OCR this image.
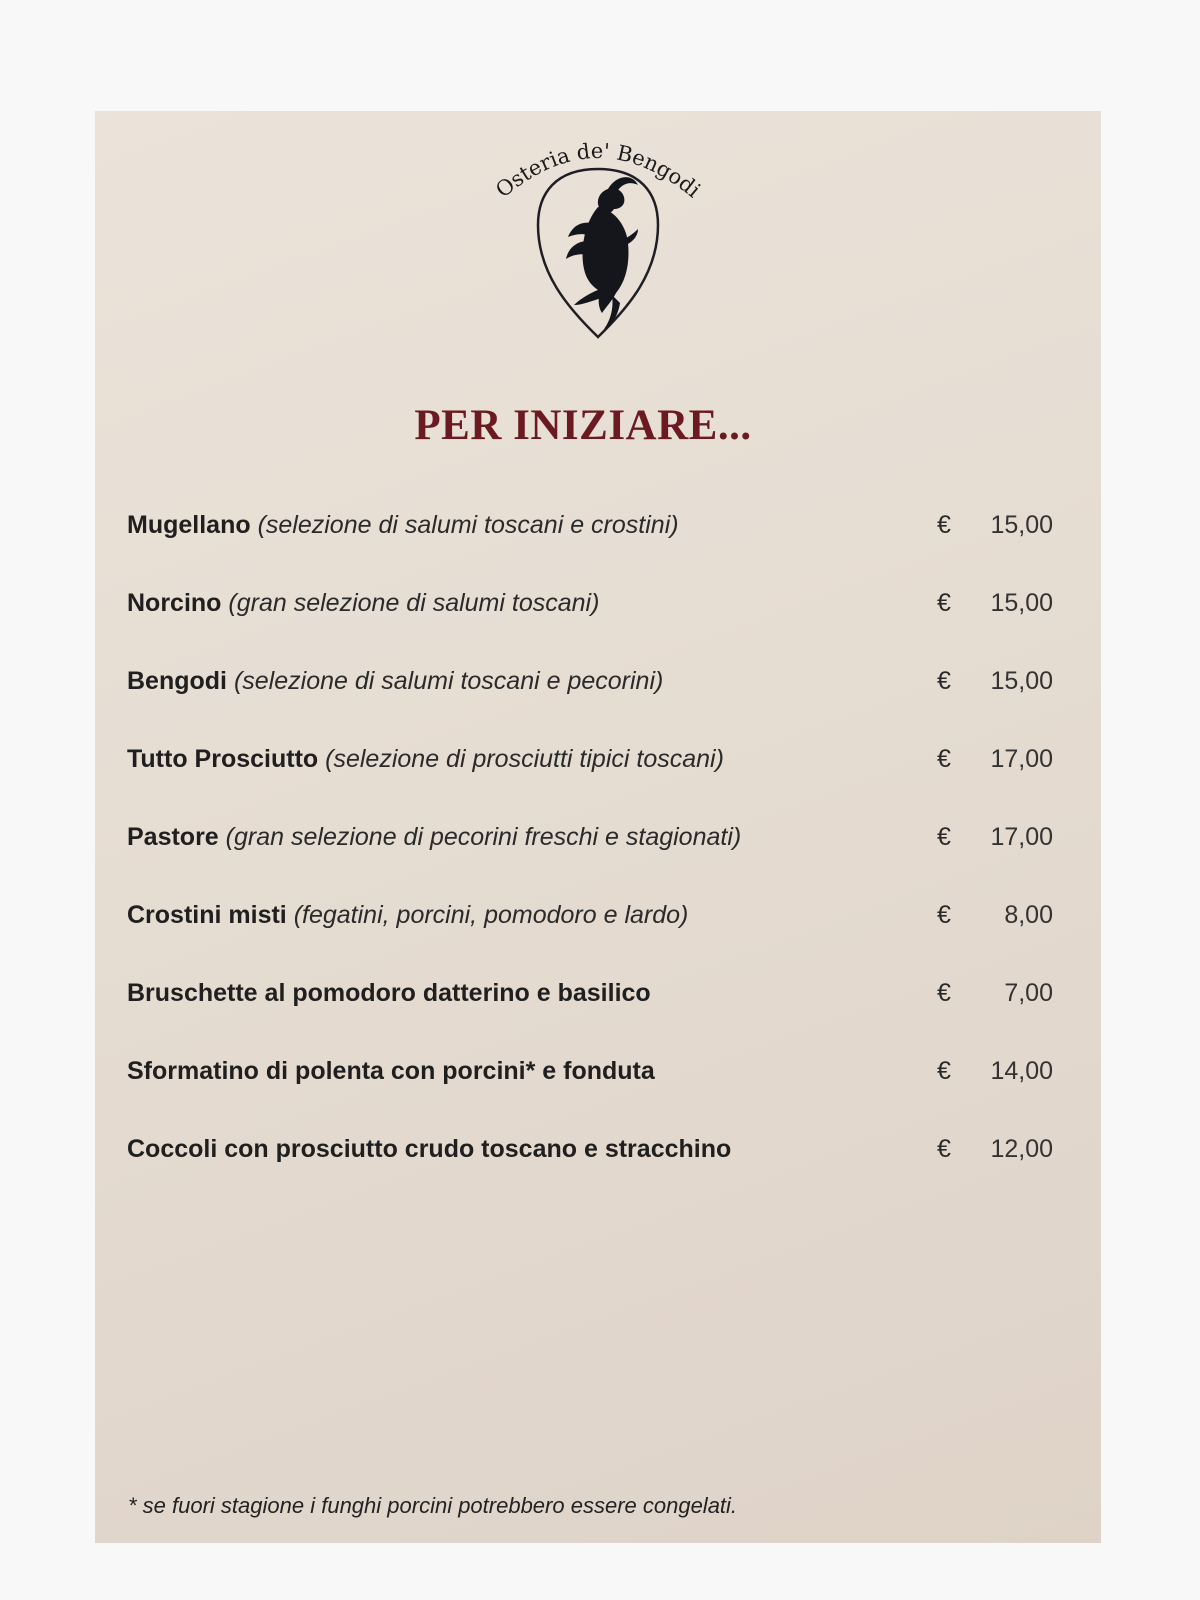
Osteria de' Bengodi
PER INIZIARE...
Mugellano (selezione di salumi toscani e crostini)	€	15,00
Norcino (gran selezione di salumi toscani)	€	15,00
Bengodi (selezione di salumi toscani e pecorini)	€	15,00
Tutto Prosciutto (selezione di prosciutti tipici toscani)	€	17,00
Pastore (gran selezione di pecorini freschi e stagionati)	€	17,00
Crostini misti (fegatini, porcini, pomodoro e lardo)	€	8,00
Bruschette al pomodoro datterino e basilico	€	7,00
Sformatino di polenta con porcini* e fonduta	€	14,00
Coccoli con prosciutto crudo toscano e stracchino	€	12,00
* se fuori stagione i funghi porcini potrebbero essere congelati.
